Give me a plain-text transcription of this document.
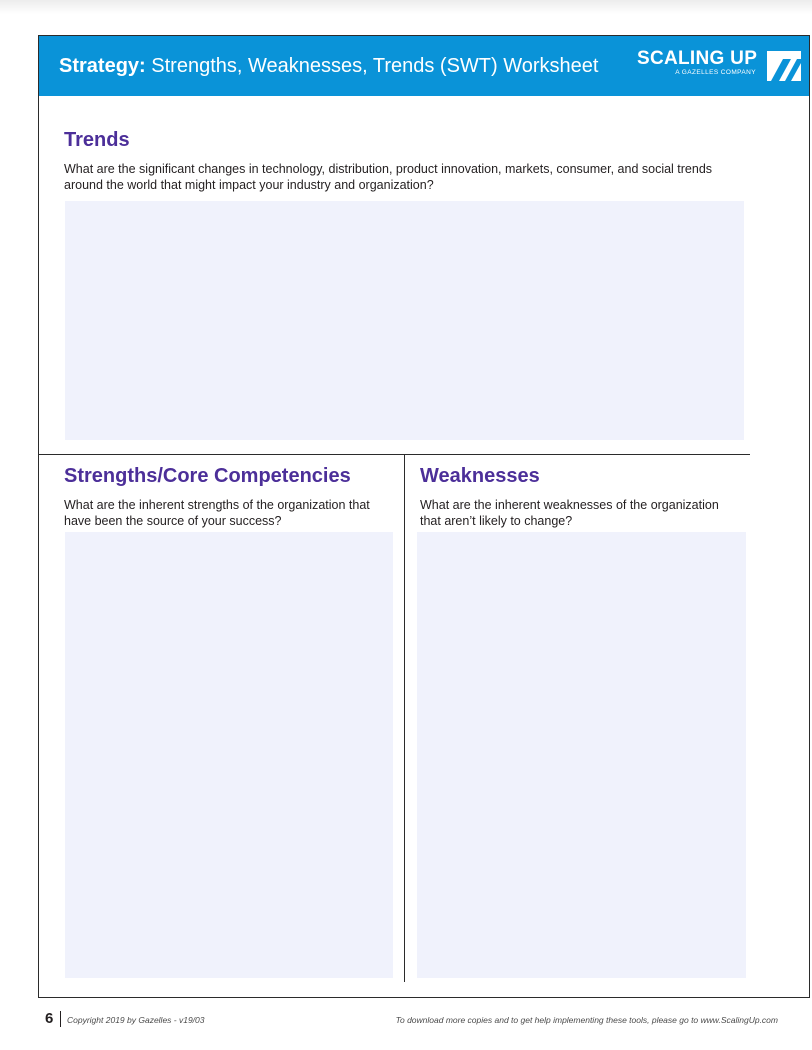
Strategy: Strengths, Weaknesses, Trends (SWT) Worksheet SCALING UP
A GAZELLES COMPANY
Trends
What are the significant changes in technology, distribution, product innovation, markets, consumer, and social trends around the world that might impact your industry and organization?
Strengths/Core Competencies
What are the inherent strengths of the organization that have been the source of your success?
Weaknesses
What are the inherent weaknesses of the organization that aren’t likely to change?
6 Copyright 2019 by Gazelles - v19/03	To download more copies and to get help implementing these tools, please go to www.ScalingUp.com
